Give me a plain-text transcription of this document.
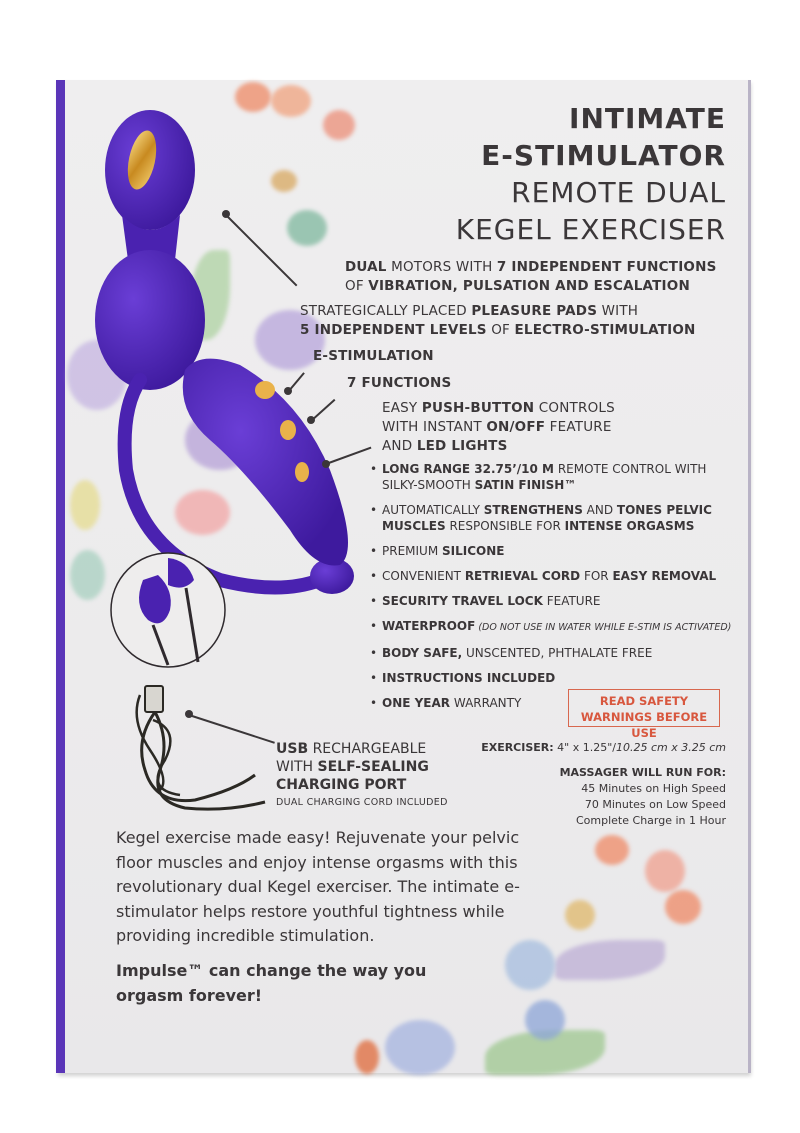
INTIMATE
E-STIMULATOR
REMOTE DUAL
KEGEL EXERCISER
DUAL MOTORS WITH 7 INDEPENDENT FUNCTIONS
OF VIBRATION, PULSATION AND ESCALATION
STRATEGICALLY PLACED PLEASURE PADS WITH
5 INDEPENDENT LEVELS OF ELECTRO-STIMULATION
E-STIMULATION
7 FUNCTIONS
EASY PUSH-BUTTON CONTROLS
WITH INSTANT ON/OFF FEATURE
AND LED LIGHTS
• LONG RANGE 32.75’/10 M REMOTE CONTROL WITH SILKY-SMOOTH SATIN FINISH™
• AUTOMATICALLY STRENGTHENS AND TONES PELVIC MUSCLES RESPONSIBLE FOR INTENSE ORGASMS
• PREMIUM SILICONE
• CONVENIENT RETRIEVAL CORD FOR EASY REMOVAL
• SECURITY TRAVEL LOCK FEATURE
• WATERPROOF (DO NOT USE IN WATER WHILE E-STIM IS ACTIVATED)
• BODY SAFE, UNSCENTED, PHTHALATE FREE
• INSTRUCTIONS INCLUDED
• ONE YEAR WARRANTY	READ SAFETY
WARNINGS BEFORE USE
EXERCISER: 4" x 1.25"/10.25 cm x 3.25 cm
MASSAGER WILL RUN FOR:
45 Minutes on High Speed
70 Minutes on Low Speed
Complete Charge in 1 Hour
USB RECHARGEABLE
WITH SELF-SEALING
CHARGING PORT
DUAL CHARGING CORD INCLUDED
Kegel exercise made easy! Rejuvenate your pelvic floor muscles and enjoy intense orgasms with this revolutionary dual Kegel exerciser. The intimate e-stimulator helps restore youthful tightness while providing incredible stimulation.
Impulse™ can change the way you orgasm forever!
